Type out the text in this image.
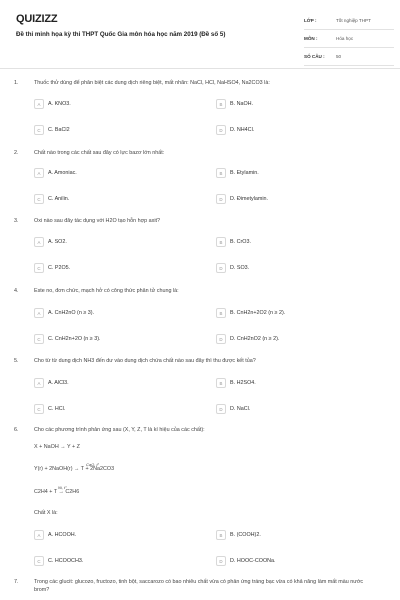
QUIZIZZ
Đề thi minh họa kỳ thi THPT Quốc Gia môn hóa học năm 2019 (Đề số 5)
LỚP :	Tốt nghiệp THPT
MÔN :	Hóa học
SỐ CÂU :	50
1.	Thuốc thử dùng để phân biệt các dung dịch riêng biệt, mất nhãn: NaCl, HCl, NaHSO4, Na2CO3 là:
A	A. KNO3.	B	B. NaOH.
C	C. BaCl2	D	D. NH4Cl.
2.	Chất nào trong các chất sau đây có lực bazơ lớn nhất:
A	A. Amoniac.	B	B. Etylamin.
C	C. Anilin.	D	D. Đimetylamin.
3.	Oxi nào sau đây tác dụng với H2O tạo hỗn hợp axit?
A	A. SO2.	B	B. CrO3.
C	C. P2O5.	D	D. SO3.
4.	Este no, đơn chức, mạch hở có công thức phân tử chung là:
A	A. CnH2nO (n ≥ 3).	B	B. CnH2n+2O2 (n ≥ 2).
C	C. CnH2n+2O (n ≥ 3).	D	D. CnH2nO2 (n ≥ 2).
5.	Cho từ từ dung dịch NH3 đến dư vào dung dịch chứa chất nào sau đây thì thu được kết tủa?
A	A. AlCl3.	B	B. H2SO4.
C	C. HCl.	D	D. NaCl.
6.	Cho các phương trình phản ứng sau (X, Y, Z, T là kí hiệu của các chất):
X + NaOH → Y + Z
Y(r) + 2NaOH(r) → T + 2Na2CO3
C2H4 + T → C2H6
Chất X là:
CaO, t°
Ni, t°
A	A. HCOOH.	B	B. (COOH)2.
C	C. HCOOCH3.	D	D. HOOC-COONa.
7.	Trong các glucit: glucozo, fructozo, tinh bột, saccarozo có bao nhiêu chất vừa có phản ứng tráng bạc vừa có khả năng làm mất màu nước brom?
